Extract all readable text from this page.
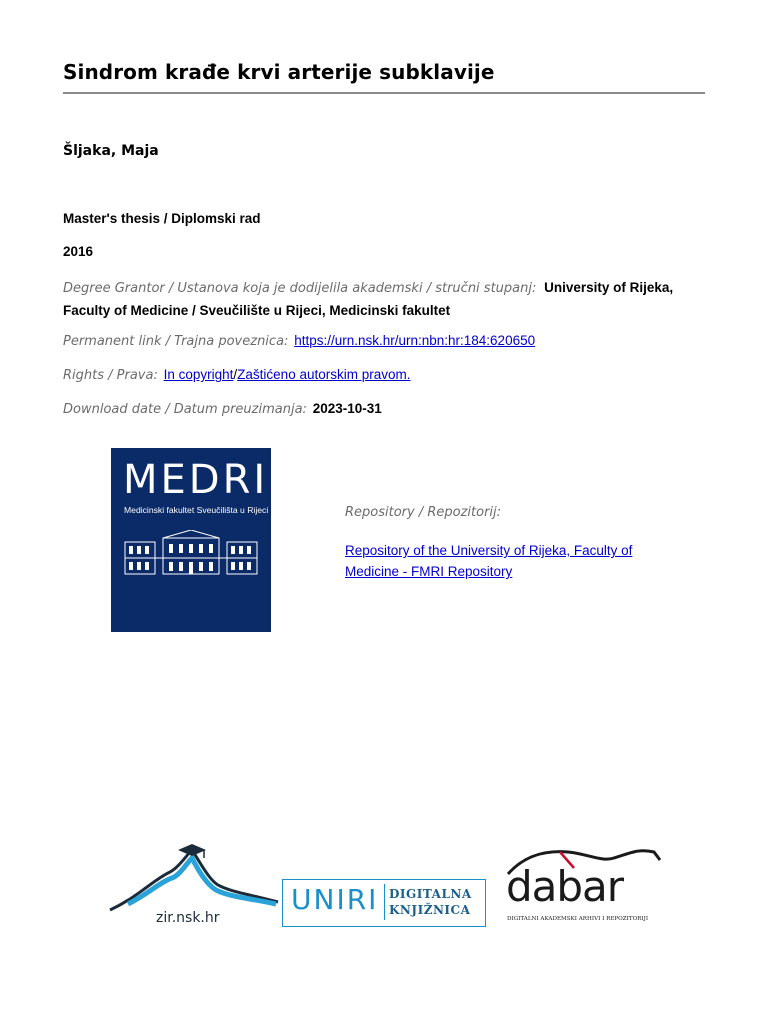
Sindrom krađe krvi arterije subklavije
Šljaka, Maja
Master's thesis / Diplomski rad
2016
Degree Grantor / Ustanova koja je dodijelila akademski / stručni stupanj: University of Rijeka, Faculty of Medicine / Sveučilište u Rijeci, Medicinski fakultet
Permanent link / Trajna poveznica: https://urn.nsk.hr/urn:nbn:hr:184:620650
Rights / Prava: In copyright/Zaštićeno autorskim pravom.
Download date / Datum preuzimanja: 2023-10-31
MEDRI
Medicinski fakultet Sveučilišta u Rijeci	Repository / Repozitorij:
Repository of the University of Rijeka, Faculty of Medicine - FMRI Repository
zir.nsk.hr
UNIRI DIGITALNA
KNJIŽNICA dabar
DIGITALNI AKADEMSKI ARHIVI I REPOZITORIJI
